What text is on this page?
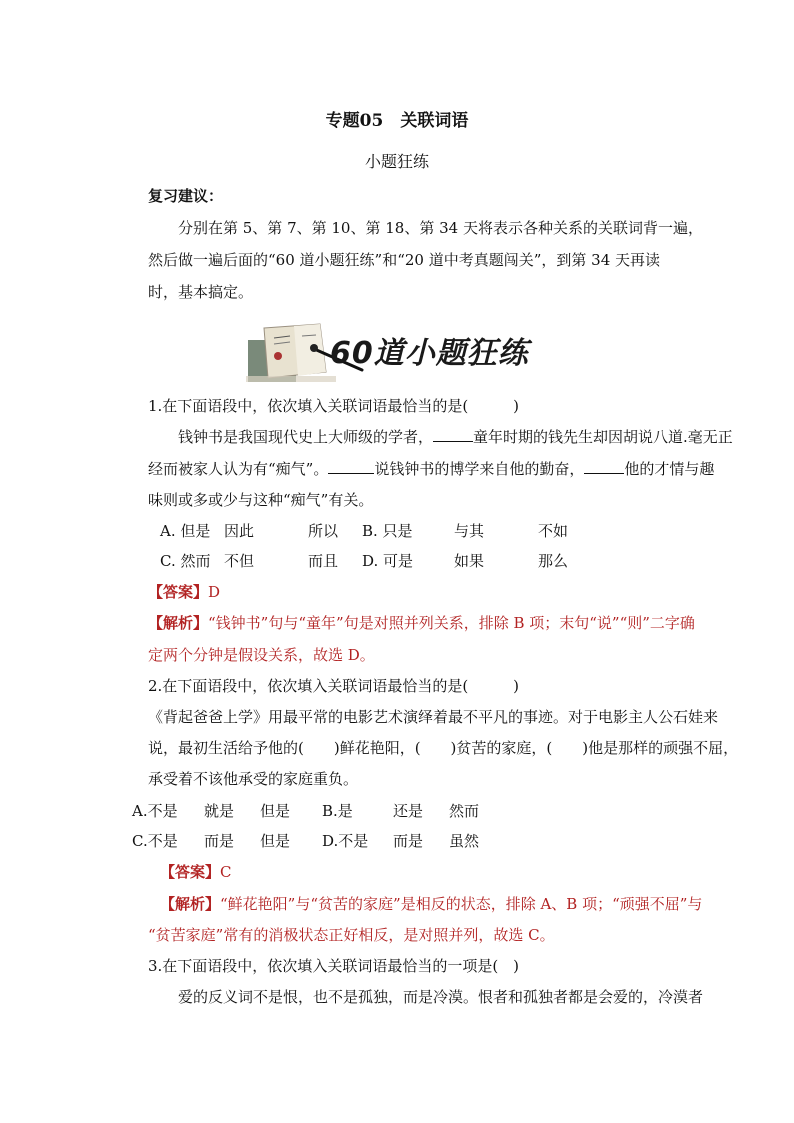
专题05　关联词语
小题狂练
复习建议：
分别在第 5、第 7、第 10、第 18、第 34 天将表示各种关系的关联词背一遍，
然后做一遍后面的“60 道小题狂练”和“20 道中考真题闯关”，到第 34 天再读
时，基本搞定。
60道小题狂练
1.在下面语段中，依次填入关联词语最恰当的是(　　　)
钱钟书是我国现代史上大师级的学者，	童年时期的钱先生却因胡说八道.毫无正
经而被家人认为有“痴气”。	说钱钟书的博学来自他的勤奋，	他的才情与趣
味则或多或少与这种“痴气”有关。
A. 但是 因此	所以 B. 只是	与其	不如
C. 然而 不但	而且 D. 可是	如果	那么
【答案】D
【解析】“钱钟书”句与“童年”句是对照并列关系，排除 B 项；末句“说”“则”二字确
定两个分钟是假设关系，故选 D。
2.在下面语段中，依次填入关联词语最恰当的是(　　　)
《背起爸爸上学》用最平常的电影艺术演绎着最不平凡的事迹。对于电影主人公石娃来
说，最初生活给予他的(　　)鲜花艳阳，(　　)贫苦的家庭，(　　)他是那样的顽强不屈，
承受着不该他承受的家庭重负。
A.不是 就是 但是 B.是	还是 然而
C.不是 而是 但是 D.不是 而是 虽然
【答案】C
【解析】“鲜花艳阳”与“贫苦的家庭”是相反的状态，排除 A、B 项；“顽强不屈”与
“贫苦家庭”常有的消极状态正好相反，是对照并列，故选 C。
3.在下面语段中，依次填入关联词语最恰当的一项是(　)
爱的反义词不是恨，也不是孤独，而是冷漠。恨者和孤独者都是会爱的，冷漠者
